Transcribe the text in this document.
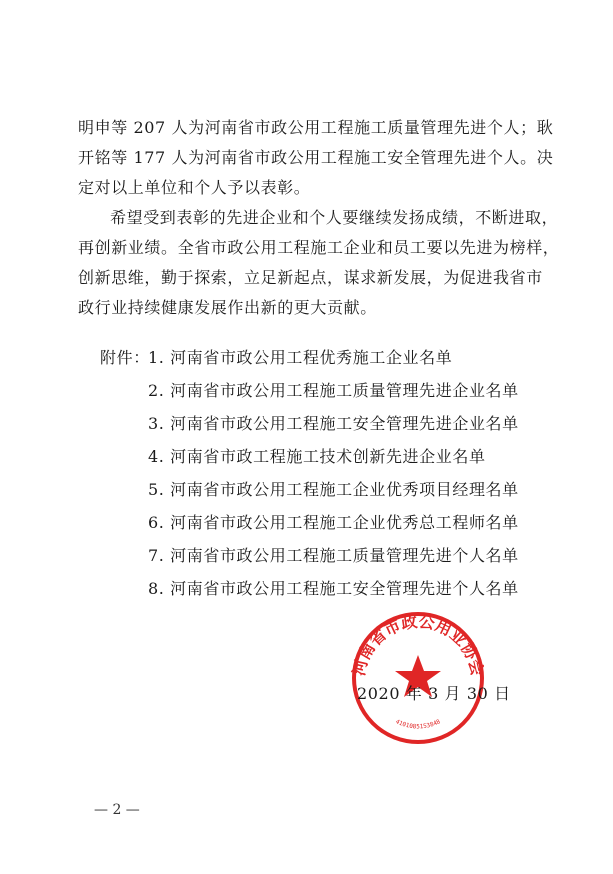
明申等 207 人为河南省市政公用工程施工质量管理先进个人；耿
开铭等 177 人为河南省市政公用工程施工安全管理先进个人。决
定对以上单位和个人予以表彰。
希望受到表彰的先进企业和个人要继续发扬成绩，不断进取，
再创新业绩。全省市政公用工程施工企业和员工要以先进为榜样，
创新思维，勤于探索，立足新起点，谋求新发展，为促进我省市
政行业持续健康发展作出新的更大贡献。
附件：
1. 河南省市政公用工程优秀施工企业名单
2. 河南省市政公用工程施工质量管理先进企业名单
3. 河南省市政公用工程施工安全管理先进企业名单
4. 河南省市政工程施工技术创新先进企业名单
5. 河南省市政公用工程施工企业优秀项目经理名单
6. 河南省市政公用工程施工企业优秀总工程师名单
7. 河南省市政公用工程施工质量管理先进个人名单
8. 河南省市政公用工程施工安全管理先进个人名单
河南省市政公用业协会
4101085153848
2020 年 3 月 30 日
— 2 —
